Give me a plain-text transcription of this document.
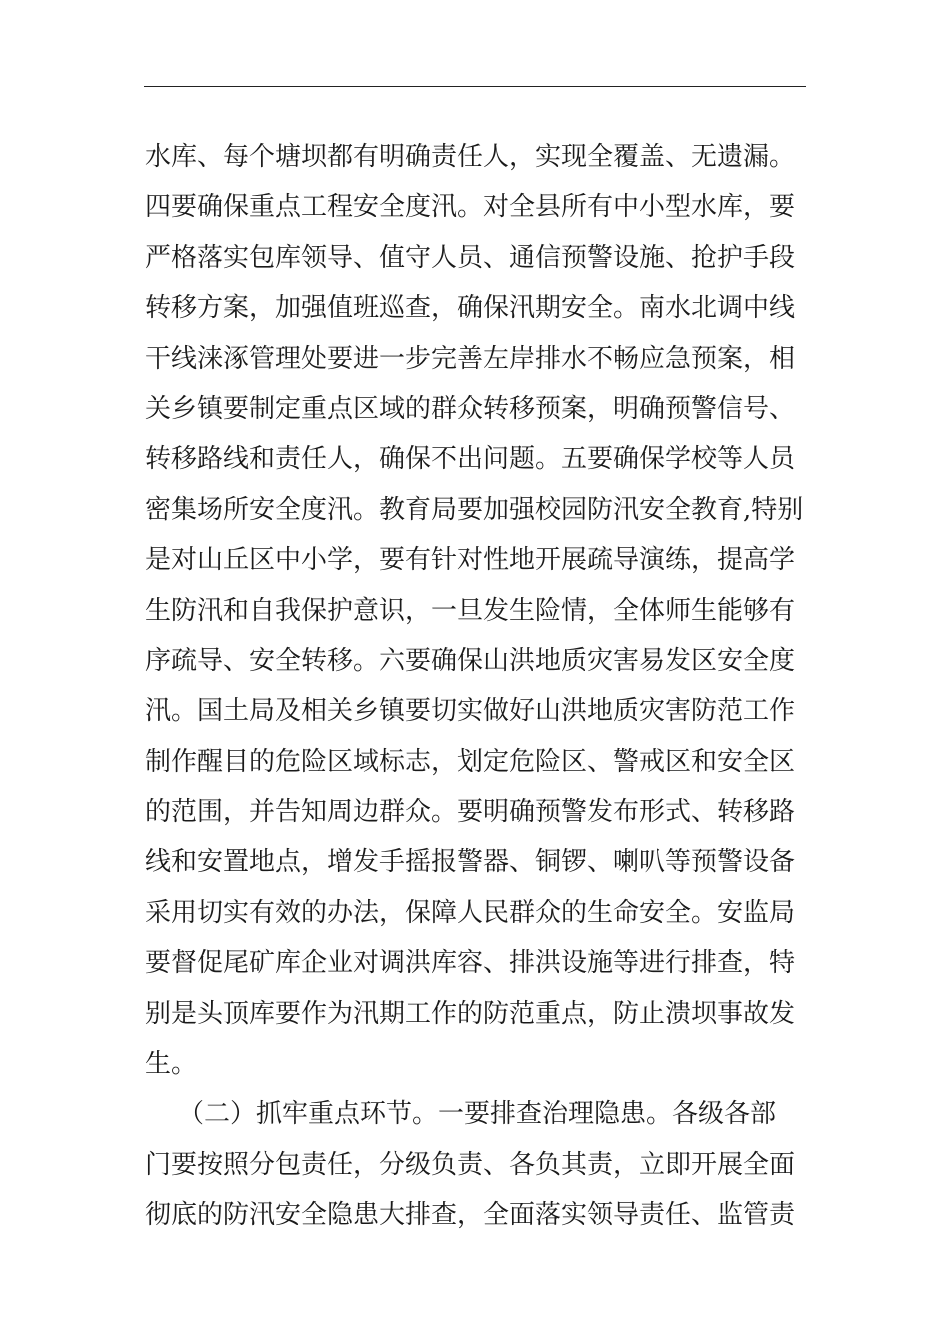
水库、每个塘坝都有明确责任人，实现全覆盖、无遗漏。
四要确保重点工程安全度汛。对全县所有中小型水库，要
严格落实包库领导、值守人员、通信预警设施、抢护手段
转移方案，加强值班巡查，确保汛期安全。南水北调中线
干线涞涿管理处要进一步完善左岸排水不畅应急预案，相
关乡镇要制定重点区域的群众转移预案，明确预警信号、
转移路线和责任人，确保不出问题。五要确保学校等人员
密集场所安全度汛。教育局要加强校园防汛安全教育,特别
是对山丘区中小学，要有针对性地开展疏导演练，提高学
生防汛和自我保护意识，一旦发生险情，全体师生能够有
序疏导、安全转移。六要确保山洪地质灾害易发区安全度
汛。国土局及相关乡镇要切实做好山洪地质灾害防范工作
制作醒目的危险区域标志，划定危险区、警戒区和安全区
的范围，并告知周边群众。要明确预警发布形式、转移路
线和安置地点，增发手摇报警器、铜锣、喇叭等预警设备
采用切实有效的办法，保障人民群众的生命安全。安监局
要督促尾矿库企业对调洪库容、排洪设施等进行排查，特
别是头顶库要作为汛期工作的防范重点，防止溃坝事故发
生。
（二）抓牢重点环节。一要排查治理隐患。各级各部
门要按照分包责任，分级负责、各负其责，立即开展全面
彻底的防汛安全隐患大排查，全面落实领导责任、监管责
